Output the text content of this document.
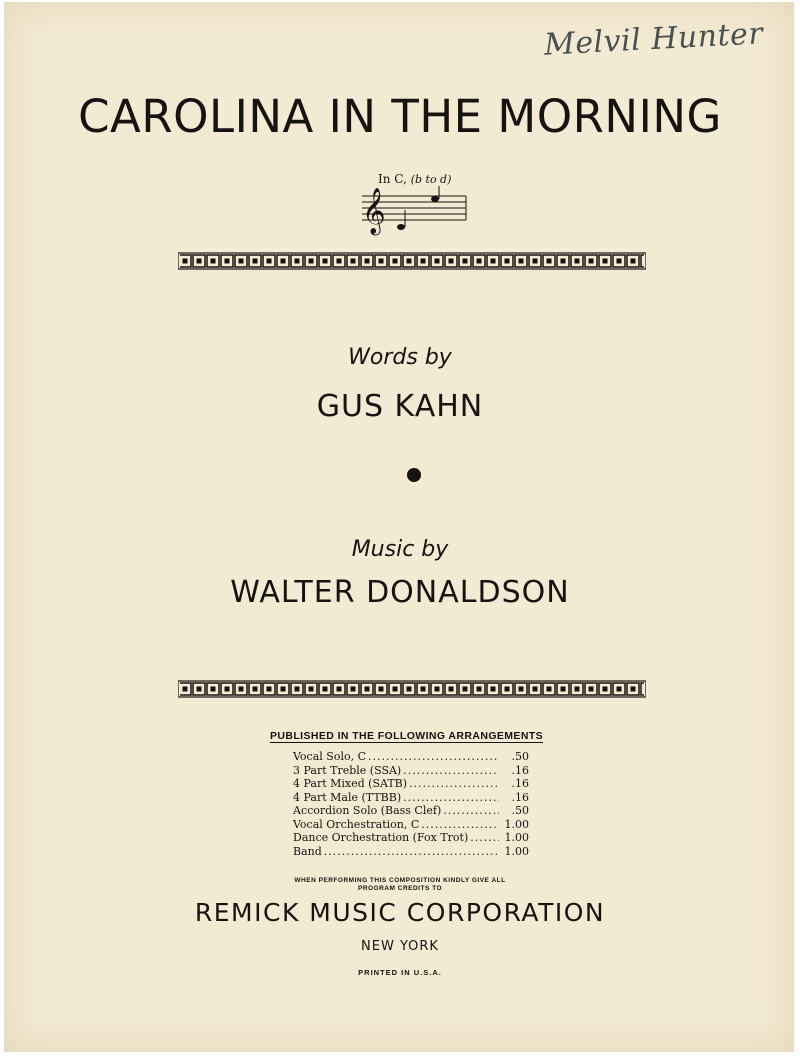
Melvil Hunter
CAROLINA IN THE MORNING
In C, (b to d)
𝄞
Words by
GUS KAHN
Music by
WALTER DONALDSON
PUBLISHED IN THE FOLLOWING ARRANGEMENTS
Vocal Solo, C .....	.50
3 Part Treble (SSA) .....	.16
4 Part Mixed (SATB) .....	.16
4 Part Male (TTBB) .....	.16
Accordion Solo (Bass Clef) .....	.50
Vocal Orchestration, C .....	1.00
Dance Orchestration (Fox Trot) .....	1.00
Band .....	1.00
WHEN PERFORMING THIS COMPOSITION KINDLY GIVE ALL
PROGRAM CREDITS TO
REMICK MUSIC CORPORATION
NEW YORK
PRINTED IN U.S.A.
